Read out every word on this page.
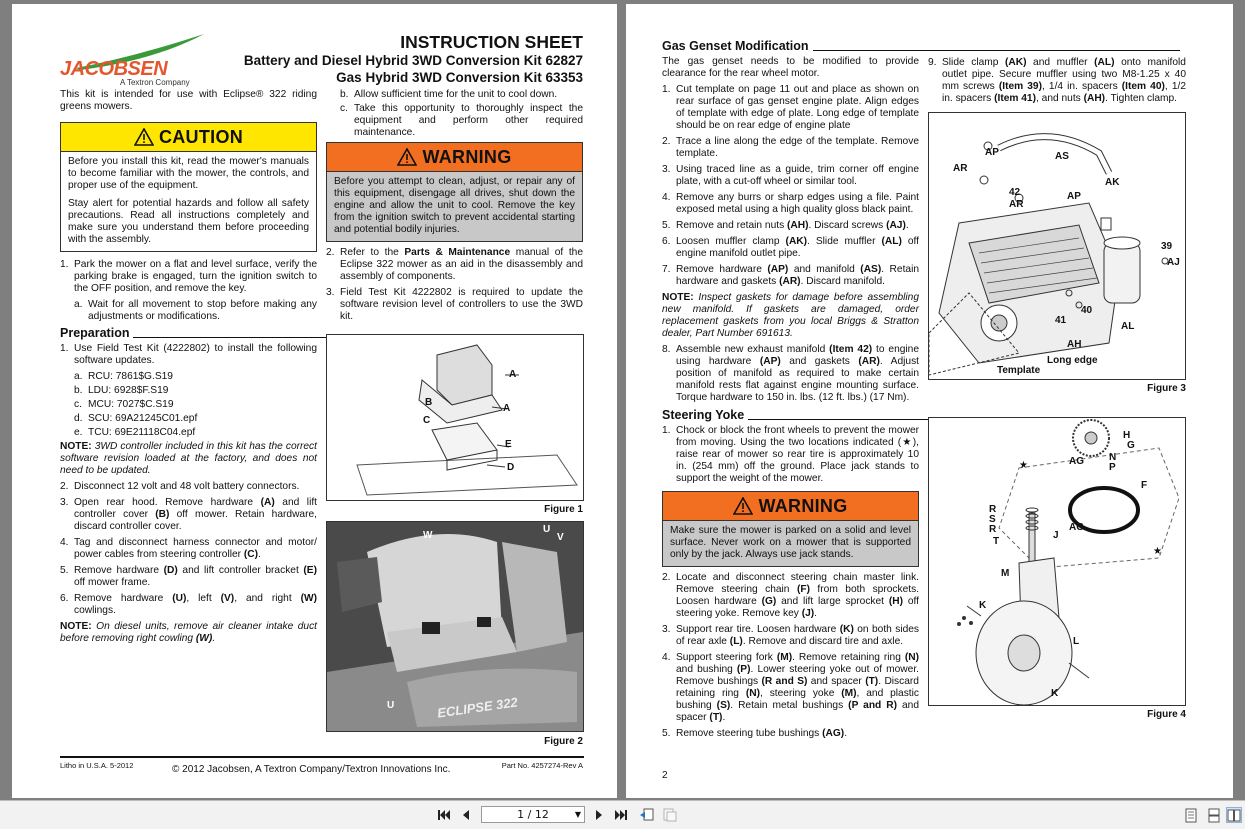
JACOBSEN
A Textron Company
INSTRUCTION SHEET
Battery and Diesel Hybrid 3WD Conversion Kit 62827
Gas Hybrid 3WD Conversion Kit 63353

This kit is intended for use with Eclipse® 322 riding greens mowers.

CAUTION

Before you install this kit, read the mower's manuals to become familiar with the mower, the controls, and proper use of the equipment.

Stay alert for potential hazards and follow all safety precautions. Read all instructions completely and make sure you understand them before proceeding with the assembly.

1. Park the mower on a flat and level surface, verify the parking brake is engaged, turn the ignition switch to the OFF position, and remove the key.
a. Wait for all movement to stop before making any adjustments or modifications.
Preparation
1. Use Field Test Kit (4222802) to install the following software updates.
a. RCU: 7861$G.S19
b. LDU: 6928$F.S19
c. MCU: 7027$C.S19
d. SCU: 69A21245C01.epf
e. TCU: 69E21118C04.epf

NOTE: 3WD controller included in this kit has the correct software revision loaded at the factory, and does not need to be updated.

2. Disconnect 12 volt and 48 volt battery connectors.
3. Open rear hood. Remove hardware (A) and lift controller cover (B) off mower. Retain hardware, discard controller cover.
4. Tag and disconnect harness connector and motor/ power cables from steering controller (C).
5. Remove hardware (D) and lift controller bracket (E) off mower frame.
6. Remove hardware (U), left (V), and right (W) cowlings.

NOTE: On diesel units, remove air cleaner intake duct before removing right cowling (W).

b. Allow sufficient time for the unit to cool down.
c. Take this opportunity to thoroughly inspect the equipment and perform other required maintenance.
WARNING
Before you attempt to clean, adjust, or repair any of this equipment, disengage all drives, shut down the engine and allow the unit to cool. Remove the key from the ignition switch to prevent accidental starting and potential bodily injuries.
2. Refer to the Parts & Maintenance manual of the Eclipse 322 mower as an aid in the disassembly and assembly of components.
3. Field Test Kit 4222802 is required to update the software revision level of controllers to use the 3WD kit.
A
A
B
C
E
D
Figure 1
W
U
V
U	ECLIPSE 322
Figure 2
Litho in U.S.A. 5-2012	© 2012 Jacobsen, A Textron Company/Textron Innovations Inc.	Part No. 4257274-Rev A
Gas Genset Modification

The gas genset needs to be modified to provide clearance for the rear wheel motor.

1. Cut template on page 11 out and place as shown on rear surface of gas genset engine plate. Align edges of template with edge of plate. Long edge of template should be on rear edge of engine plate
2. Trace a line along the edge of the template. Remove template.
3. Using traced line as a guide, trim corner off engine plate, with a cut-off wheel or similar tool.
4. Remove any burrs or sharp edges using a file. Paint exposed metal using a high quality gloss black paint.
5. Remove and retain nuts (AH). Discard screws (AJ).
6. Loosen muffler clamp (AK). Slide muffler (AL) off engine manifold outlet pipe.
7. Remove hardware (AP) and manifold (AS). Retain hardware and gaskets (AR). Discard manifold.

NOTE: Inspect gaskets for damage before assembling new manifold. If gaskets are damaged, order replacement gaskets from you local Briggs & Stratton dealer, Part Number 691613.

8. Assemble new exhaust manifold (Item 42) to engine using hardware (AP) and gaskets (AR). Adjust position of manifold as required to make certain manifold rests flat against engine mounting surface. Torque hardware to 150 in. lbs. (12 ft. lbs.) (17 Nm).
Steering Yoke
1. Chock or block the front wheels to prevent the mower from moving. Using the two locations indicated (★), raise rear of mower so rear tire is approximately 10 in. (254 mm) off the ground. Place jack stands to support the weight of the mower.
WARNING
Make sure the mower is parked on a solid and level surface. Never work on a mower that is supported only by the jack. Always use jack stands.
2. Locate and disconnect steering chain master link. Remove steering chain (F) from both sprockets. Loosen hardware (G) and lift large sprocket (H) off steering yoke. Remove key (J).
3. Support rear tire. Loosen hardware (K) on both sides of rear axle (L). Remove and discard tire and axle.
4. Support steering fork (M). Remove retaining ring (N) and bushing (P). Lower steering yoke out of mower. Remove bushings (R and S) and spacer (T). Discard retaining ring (N), steering yoke (M), and plastic bushing (S). Retain metal bushings (P and R) and spacer (T).
5. Remove steering tube bushings (AG).
9. Slide clamp (AK) and muffler (AL) onto manifold outlet pipe. Secure muffler using two M8-1.25 x 40 mm screws (Item 39), 1/4 in. spacers (Item 40), 1/2 in. spacers (Item 41), and nuts (AH). Tighten clamp.
AP	AS
AR
42
AR
AP
AK
39
AJ
40
41
AH
AL
Long edge
Template
Figure 3
H
G
AG	N
P
F
R
S
R
T
J
AG
M
K
L
K
★
★
Figure 4
2
1 / 12	▼
